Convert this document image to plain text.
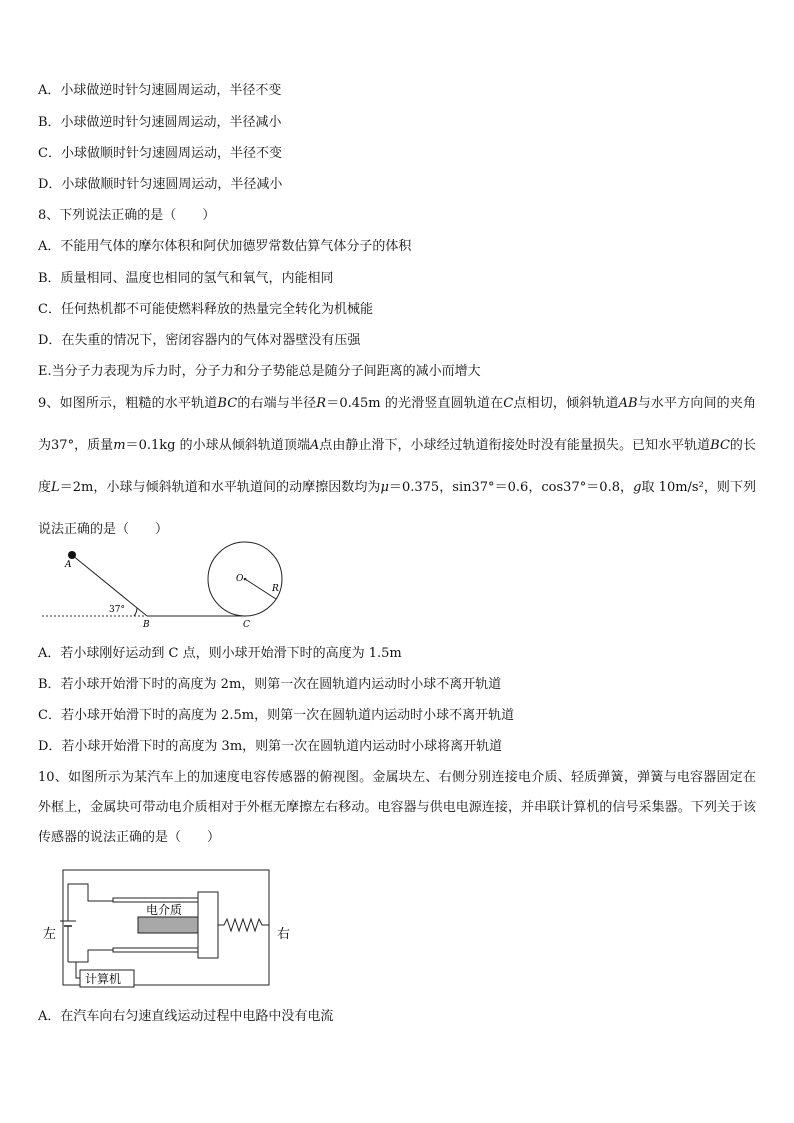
A．小球做逆时针匀速圆周运动，半径不变
B．小球做逆时针匀速圆周运动，半径减小
C．小球做顺时针匀速圆周运动，半径不变
D．小球做顺时针匀速圆周运动，半径减小
8、下列说法正确的是（　　）
A．不能用气体的摩尔体积和阿伏加德罗常数估算气体分子的体积
B．质量相同、温度也相同的氢气和氧气，内能相同
C．任何热机都不可能使燃料释放的热量完全转化为机械能
D．在失重的情况下，密闭容器内的气体对器壁没有压强
E.当分子力表现为斥力时，分子力和分子势能总是随分子间距离的减小而增大
9、如图所示，粗糙的水平轨道BC的右端与半径R＝0.45m 的光滑竖直圆轨道在C点相切，倾斜轨道AB与水平方向间的夹角为37°，质量m＝0.1kg 的小球从倾斜轨道顶端A点由静止滑下，小球经过轨道衔接处时没有能量损失。已知水平轨道BC的长度L＝2m，小球与倾斜轨道和水平轨道间的动摩擦因数均为μ＝0.375，sin37°＝0.6，cos37°＝0.8，g取 10m/s²，则下列说法正确的是（　　）
A
37°
B	C
O
R
A．若小球刚好运动到 C 点，则小球开始滑下时的高度为 1.5m
B．若小球开始滑下时的高度为 2m，则第一次在圆轨道内运动时小球不离开轨道
C．若小球开始滑下时的高度为 2.5m，则第一次在圆轨道内运动时小球不离开轨道
D．若小球开始滑下时的高度为 3m，则第一次在圆轨道内运动时小球将离开轨道
10、如图所示为某汽车上的加速度电容传感器的俯视图。金属块左、右侧分别连接电介质、轻质弹簧，弹簧与电容器固定在外框上，金属块可带动电介质相对于外框无摩擦左右移动。电容器与供电电源连接，并串联计算机的信号采集器。下列关于该传感器的说法正确的是（　　）
电介质
计算机
左	右
A．在汽车向右匀速直线运动过程中电路中没有电流
